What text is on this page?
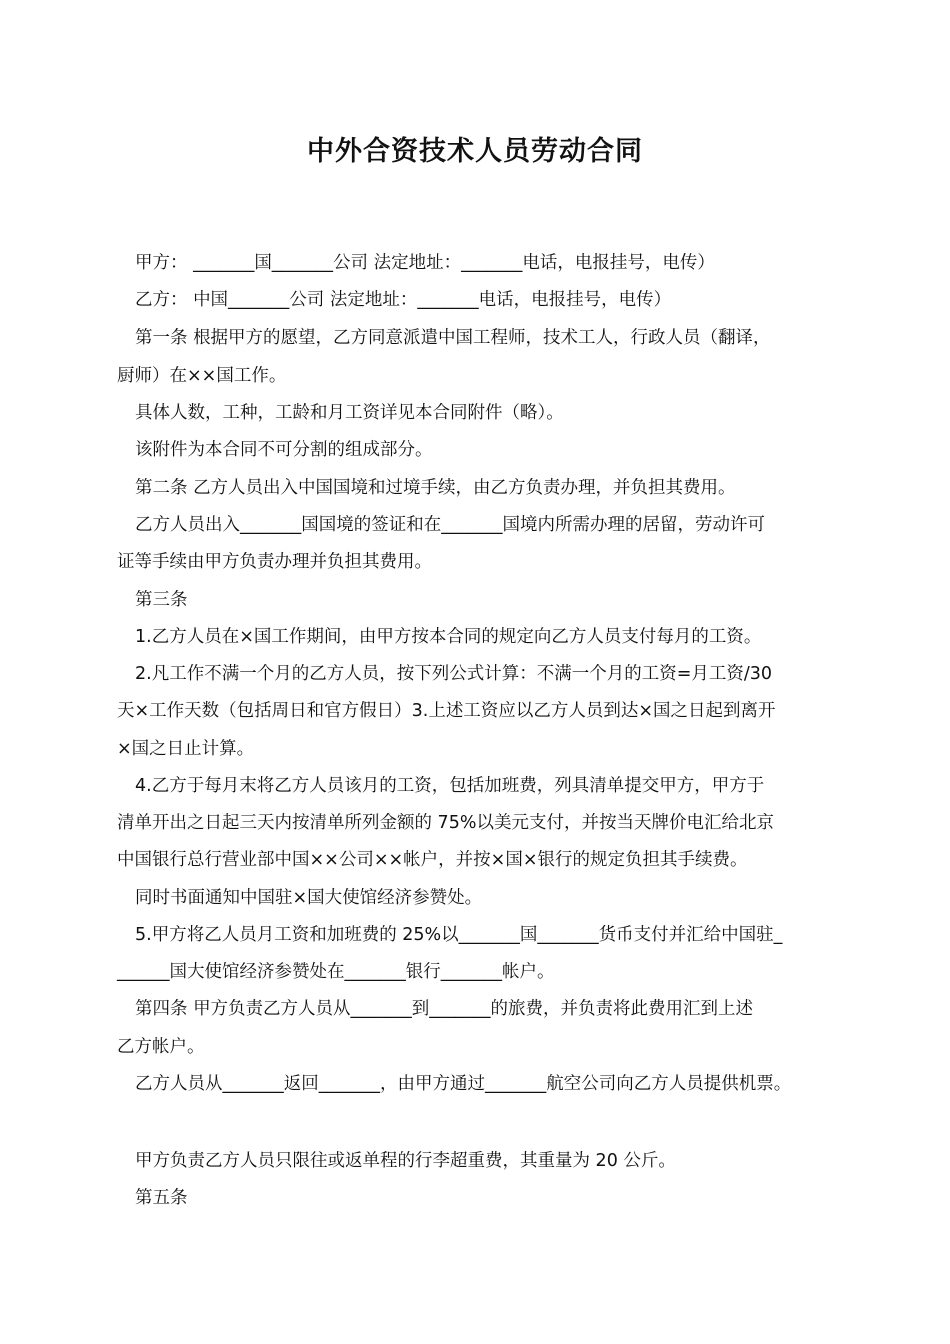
中外合资技术人员劳动合同
甲方： _______国_______公司 法定地址：_______电话，电报挂号，电传）
乙方： 中国_______公司 法定地址：_______电话，电报挂号，电传）
第一条 根据甲方的愿望，乙方同意派遣中国工程师，技术工人，行政人员（翻译，
厨师）在××国工作。
具体人数，工种，工龄和月工资详见本合同附件（略）。
该附件为本合同不可分割的组成部分。
第二条 乙方人员出入中国国境和过境手续，由乙方负责办理，并负担其费用。
乙方人员出入_______国国境的签证和在_______国境内所需办理的居留，劳动许可
证等手续由甲方负责办理并负担其费用。
第三条
1.乙方人员在×国工作期间，由甲方按本合同的规定向乙方人员支付每月的工资。
2.凡工作不满一个月的乙方人员，按下列公式计算：不满一个月的工资=月工资/30
天×工作天数（包括周日和官方假日）3.上述工资应以乙方人员到达×国之日起到离开
×国之日止计算。
4.乙方于每月末将乙方人员该月的工资，包括加班费，列具清单提交甲方，甲方于
清单开出之日起三天内按清单所列金额的 75%以美元支付，并按当天牌价电汇给北京
中国银行总行营业部中国××公司××帐户，并按×国×银行的规定负担其手续费。
同时书面通知中国驻×国大使馆经济参赞处。
5.甲方将乙人员月工资和加班费的 25%以_______国_______货币支付并汇给中国驻_
______国大使馆经济参赞处在_______银行_______帐户。
第四条 甲方负责乙方人员从_______到_______的旅费，并负责将此费用汇到上述
乙方帐户。
乙方人员从_______返回_______，由甲方通过_______航空公司向乙方人员提供机票。
甲方负责乙方人员只限往或返单程的行李超重费，其重量为 20 公斤。
第五条
